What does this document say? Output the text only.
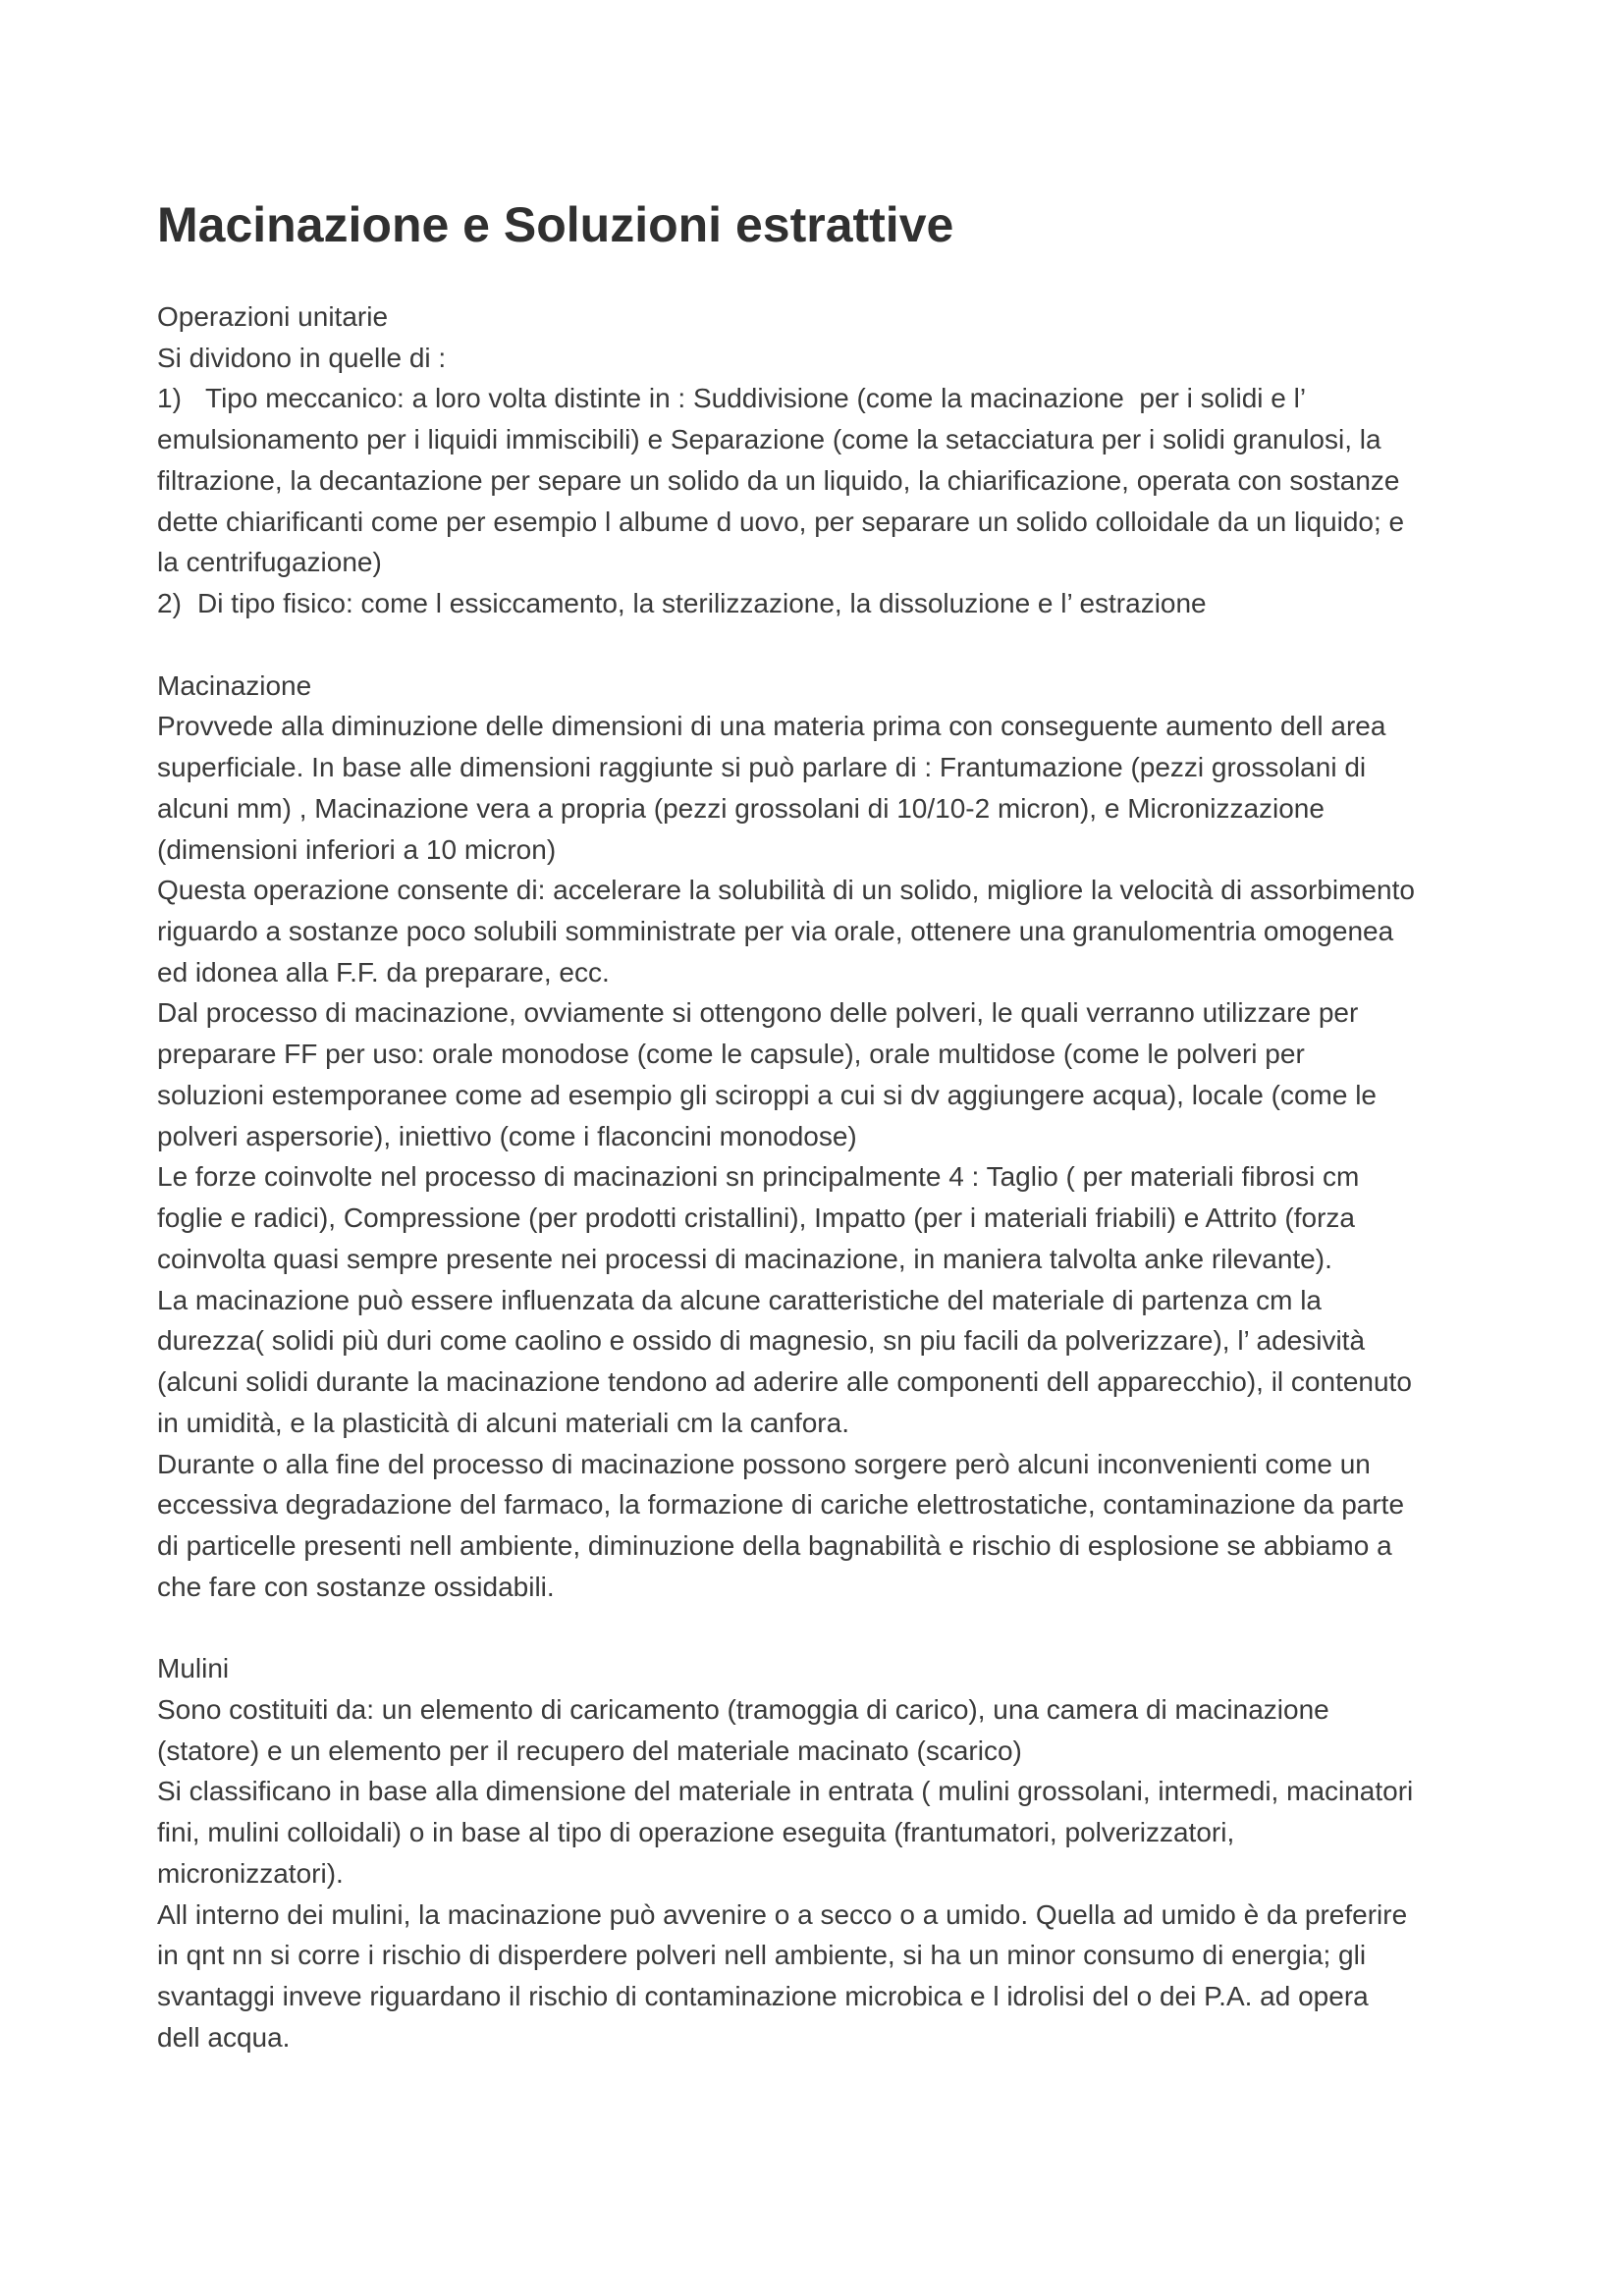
Macinazione e Soluzioni estrattive
Operazioni unitarie
Si dividono in quelle di :
1) Tipo meccanico: a loro volta distinte in : Suddivisione (come la macinazione  per i solidi e l’
emulsionamento per i liquidi immiscibili) e Separazione (come la setacciatura per i solidi granulosi, la
filtrazione, la decantazione per separe un solido da un liquido, la chiarificazione, operata con sostanze
dette chiarificanti come per esempio l albume d uovo, per separare un solido colloidale da un liquido; e
la centrifugazione)
2) Di tipo fisico: come l essiccamento, la sterilizzazione, la dissoluzione e l’ estrazione
Macinazione
Provvede alla diminuzione delle dimensioni di una materia prima con conseguente aumento dell area
superficiale. In base alle dimensioni raggiunte si può parlare di : Frantumazione (pezzi grossolani di
alcuni mm) , Macinazione vera a propria (pezzi grossolani di 10/10-2 micron), e Micronizzazione
(dimensioni inferiori a 10 micron)
Questa operazione consente di: accelerare la solubilità di un solido, migliore la velocità di assorbimento
riguardo a sostanze poco solubili somministrate per via orale, ottenere una granulomentria omogenea
ed idonea alla F.F. da preparare, ecc.
Dal processo di macinazione, ovviamente si ottengono delle polveri, le quali verranno utilizzare per
preparare FF per uso: orale monodose (come le capsule), orale multidose (come le polveri per
soluzioni estemporanee come ad esempio gli sciroppi a cui si dv aggiungere acqua), locale (come le
polveri aspersorie), iniettivo (come i flaconcini monodose)
Le forze coinvolte nel processo di macinazioni sn principalmente 4 : Taglio ( per materiali fibrosi cm
foglie e radici), Compressione (per prodotti cristallini), Impatto (per i materiali friabili) e Attrito (forza
coinvolta quasi sempre presente nei processi di macinazione, in maniera talvolta anke rilevante).
La macinazione può essere influenzata da alcune caratteristiche del materiale di partenza cm la
durezza( solidi più duri come caolino e ossido di magnesio, sn piu facili da polverizzare), l’ adesività
(alcuni solidi durante la macinazione tendono ad aderire alle componenti dell apparecchio), il contenuto
in umidità, e la plasticità di alcuni materiali cm la canfora.
Durante o alla fine del processo di macinazione possono sorgere però alcuni inconvenienti come un
eccessiva degradazione del farmaco, la formazione di cariche elettrostatiche, contaminazione da parte
di particelle presenti nell ambiente, diminuzione della bagnabilità e rischio di esplosione se abbiamo a
che fare con sostanze ossidabili.
Mulini
Sono costituiti da: un elemento di caricamento (tramoggia di carico), una camera di macinazione
(statore) e un elemento per il recupero del materiale macinato (scarico)
Si classificano in base alla dimensione del materiale in entrata ( mulini grossolani, intermedi, macinatori
fini, mulini colloidali) o in base al tipo di operazione eseguita (frantumatori, polverizzatori,
micronizzatori).
All interno dei mulini, la macinazione può avvenire o a secco o a umido. Quella ad umido è da preferire
in qnt nn si corre i rischio di disperdere polveri nell ambiente, si ha un minor consumo di energia; gli
svantaggi inveve riguardano il rischio di contaminazione microbica e l idrolisi del o dei P.A. ad opera
dell acqua.
